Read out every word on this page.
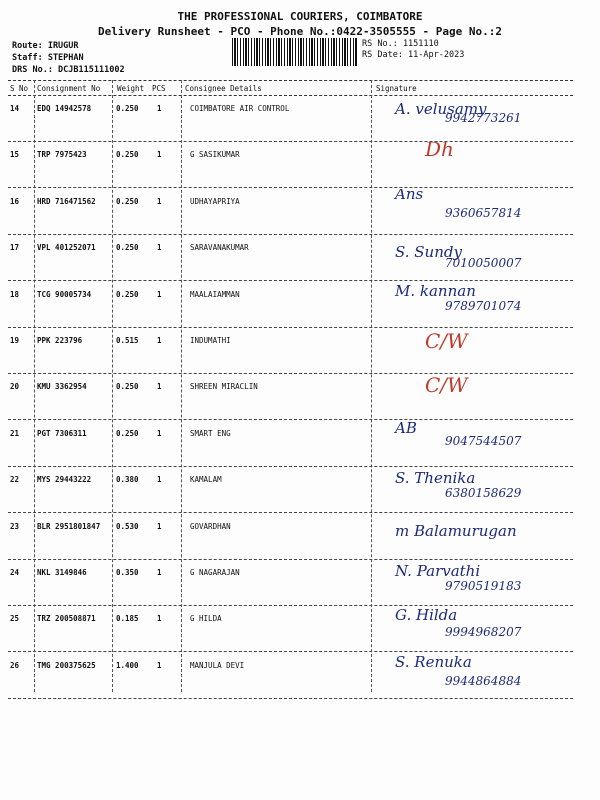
THE PROFESSIONAL COURIERS, COIMBATORE
Delivery Runsheet - PCO - Phone No.:0422-3505555 - Page No.:2
Route: IRUGUR
Staff: STEPHAN
DRS No.: DCJB115111002
RS No.: 1151110
RS Date: 11-Apr-2023
S No Consignment No Weight PCS	Consignee Details	Signature
14 EDQ 14942578	0.250 1	COIMBATORE AIR CONTROL	A. velusamy
9942773261
15 TRP 7975423	0.250 1	G SASIKUMAR	Dh
16 HRD 716471562	0.250 1	UDHAYAPRIYA	Ans
9360657814
17 VPL 401252071	0.250 1	SARAVANAKUMAR	S. Sundy
7010050007
18 TCG 90005734	0.250 1	MAALAIAMMAN	M. kannan
9789701074
19 PPK 223796	0.515 1	INDUMATHI	C/W
20 KMU 3362954	0.250 1	SHREEN MIRACLIN	C/W
21 PGT 7306311	0.250 1	SMART ENG	AB
9047544507
22 MYS 29443222	0.380 1	KAMALAM	S. Thenika
6380158629
23 BLR 2951801847 0.530 1	GOVARDHAN	m Balamurugan
24 NKL 3149846	0.350 1	G NAGARAJAN	N. Parvathi
9790519183
25 TRZ 200508871	0.185 1	G HILDA	G. Hilda
9994968207
26 TMG 200375625	1.400 1	MANJULA DEVI	S. Renuka
9944864884
